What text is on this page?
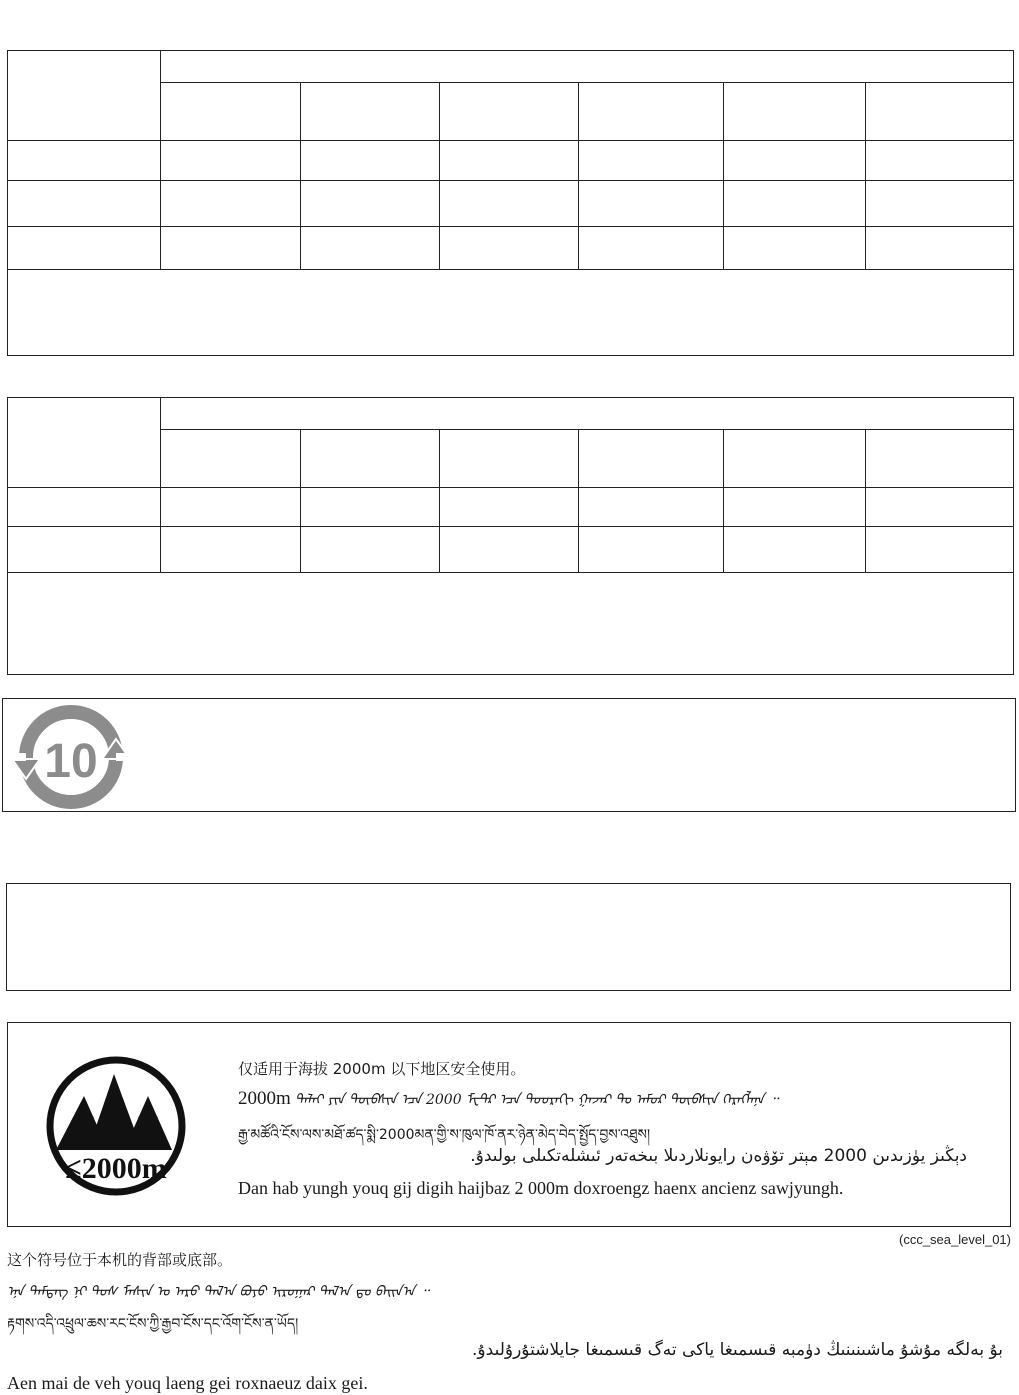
10
≤2000m
仅适用于海拔 2000m 以下地区安全使用。
2000m ᠳᠠᠯᠠᠢ ᠶᠢᠨ ᠲᠦᠪᠰᠢᠨ ᠡᠴᠡ 2000 ᠮᠧᠲ᠋ᠷ ᠡᠴᠡ ᠳᠣᠣᠷᠠᠬᠢ ᠭᠠᠵᠠᠷ ᠲᠤ ᠠᠮᠤᠷ ᠲᠦᠪᠰᠢᠨ ᠬᠡᠷᠡᠭᠯᠡᠨᠡ ᠃
རྒྱ་མཚོའི་ངོས་ལས་མཐོ་ཚད་སྨི་2000མན་གྱི་ས་ཁུལ་ཁོ་ནར་ཉེན་མེད་བེད་སྤྱོད་བྱས་འཐུས།
دېڭىز يۈزىدىن 2000 مېتر تۆۋەن رايونلاردىلا بىخەتەر ئىشلەتكىلى بولىدۇ.
Dan hab yungh youq gij digih haijbaz 2 000m doxroengz haenx ancienz sawjyungh.
(ccc_sea_level_01)
这个符号位于本机的背部或底部。
ᠡᠨᠡ ᠲᠡᠮᠳᠡᠭ ᠨᠢ ᠲᠤᠰ ᠮᠠᠰᠢᠨ ᠤ ᠠᠷᠤ ᠲᠠᠯ᠎ᠠ ᠪᠤᠶᠤ ᠢᠷᠤᠭᠠᠷ ᠲᠠᠯ᠎ᠠ ᠳᠤ ᠪᠠᠢᠨ᠎ᠠ ᠃
རྟགས་འདི་འཕྲུལ་ཆས་རང་ངོས་ཀྱི་རྒྱབ་ངོས་དང་འོག་ངོས་ན་ཡོད།
بۇ بەلگە مۇشۇ ماشىنىنىڭ دۈمبە قىسمىغا ياكى تەگ قىسمىغا جايلاشتۇرۇلىدۇ.
Aen mai de veh youq laeng gei roxnaeuz daix gei.
